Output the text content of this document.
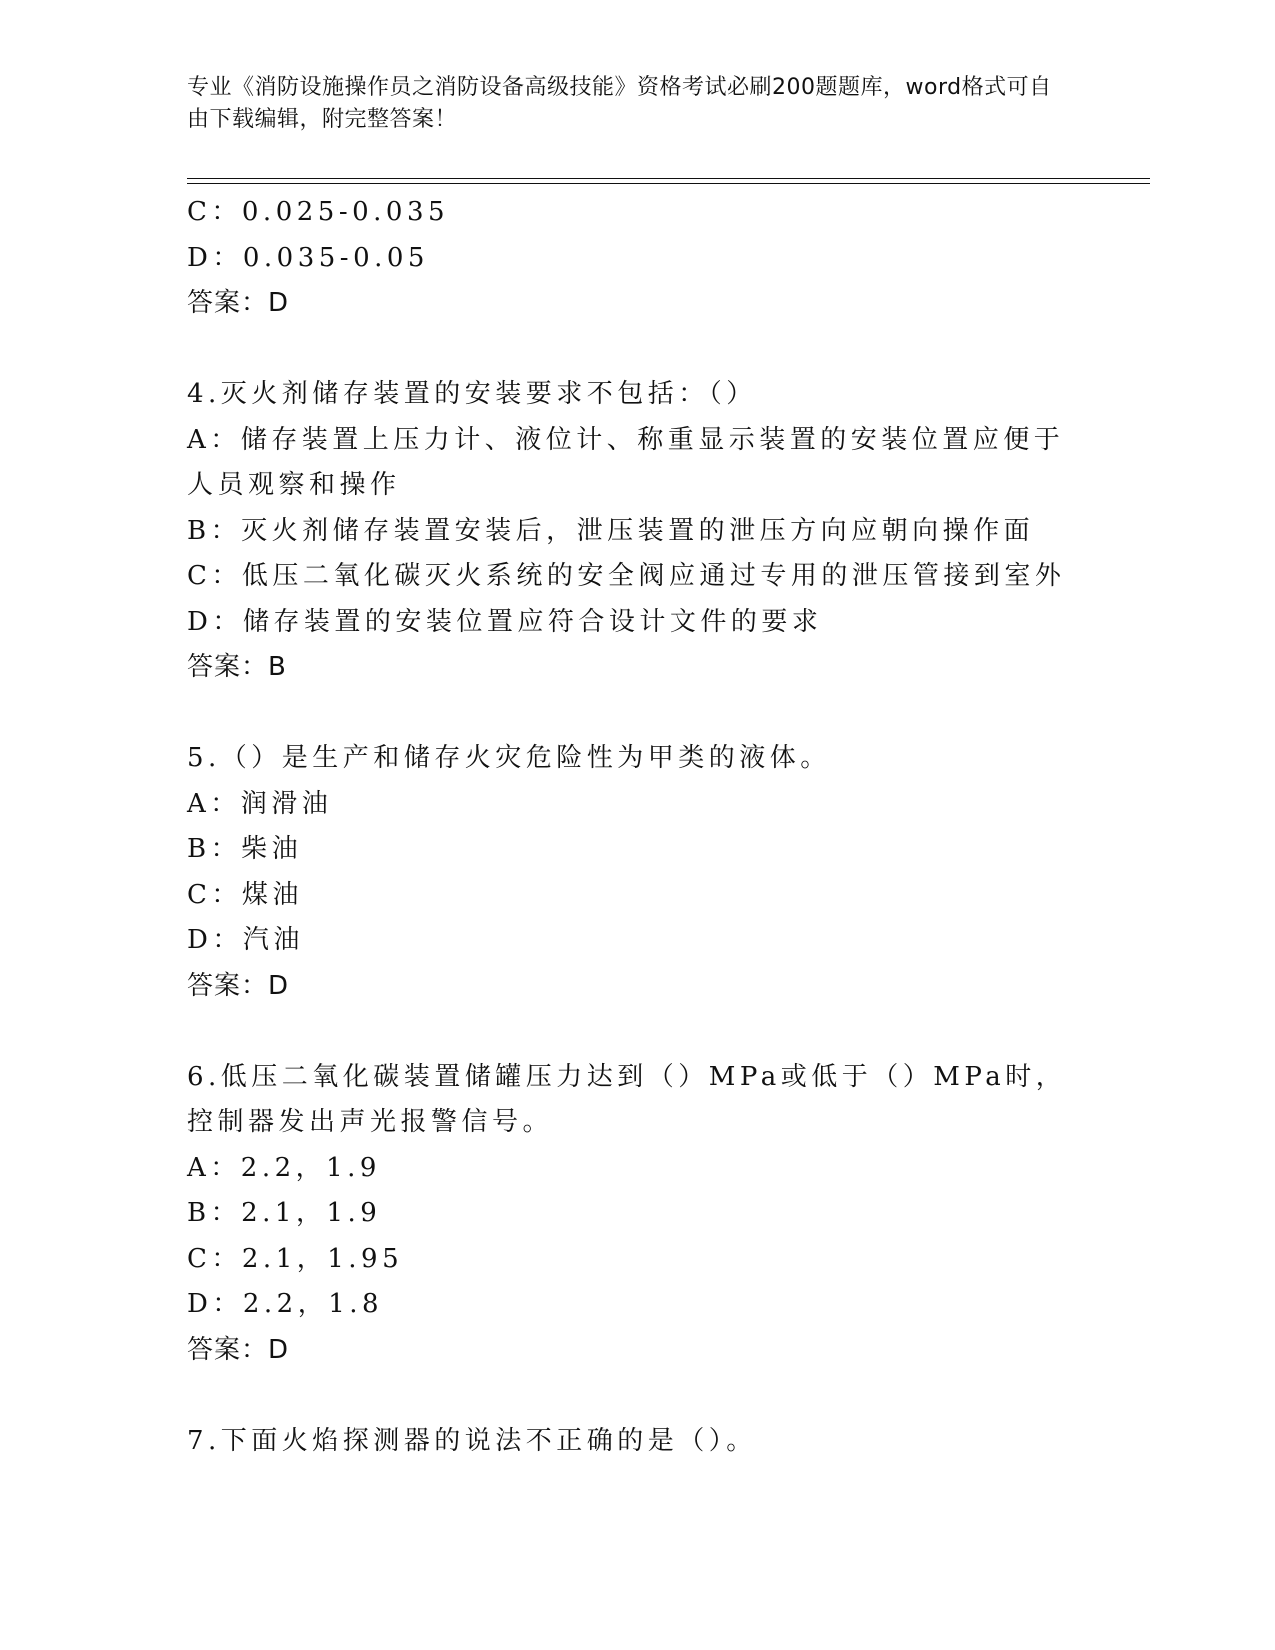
专业《消防设施操作员之消防设备高级技能》资格考试必刷200题题库，word格式可自由下载编辑，附完整答案！

C：0.025-0.035

D：0.035-0.05

答案：D

4.灭火剂储存装置的安装要求不包括：（）

A：储存装置上压力计、液位计、称重显示装置的安装位置应便于人员观察和操作

B：灭火剂储存装置安装后，泄压装置的泄压方向应朝向操作面

C：低压二氧化碳灭火系统的安全阀应通过专用的泄压管接到室外

D：储存装置的安装位置应符合设计文件的要求

答案：B

5.（）是生产和储存火灾危险性为甲类的液体。

A：润滑油

B：柴油

C：煤油

D：汽油

答案：D

6.低压二氧化碳装置储罐压力达到（）MPa或低于（）MPa时，控制器发出声光报警信号。

A：2.2，1.9

B：2.1，1.9

C：2.1，1.95

D：2.2，1.8

答案：D

7.下面火焰探测器的说法不正确的是（）。
